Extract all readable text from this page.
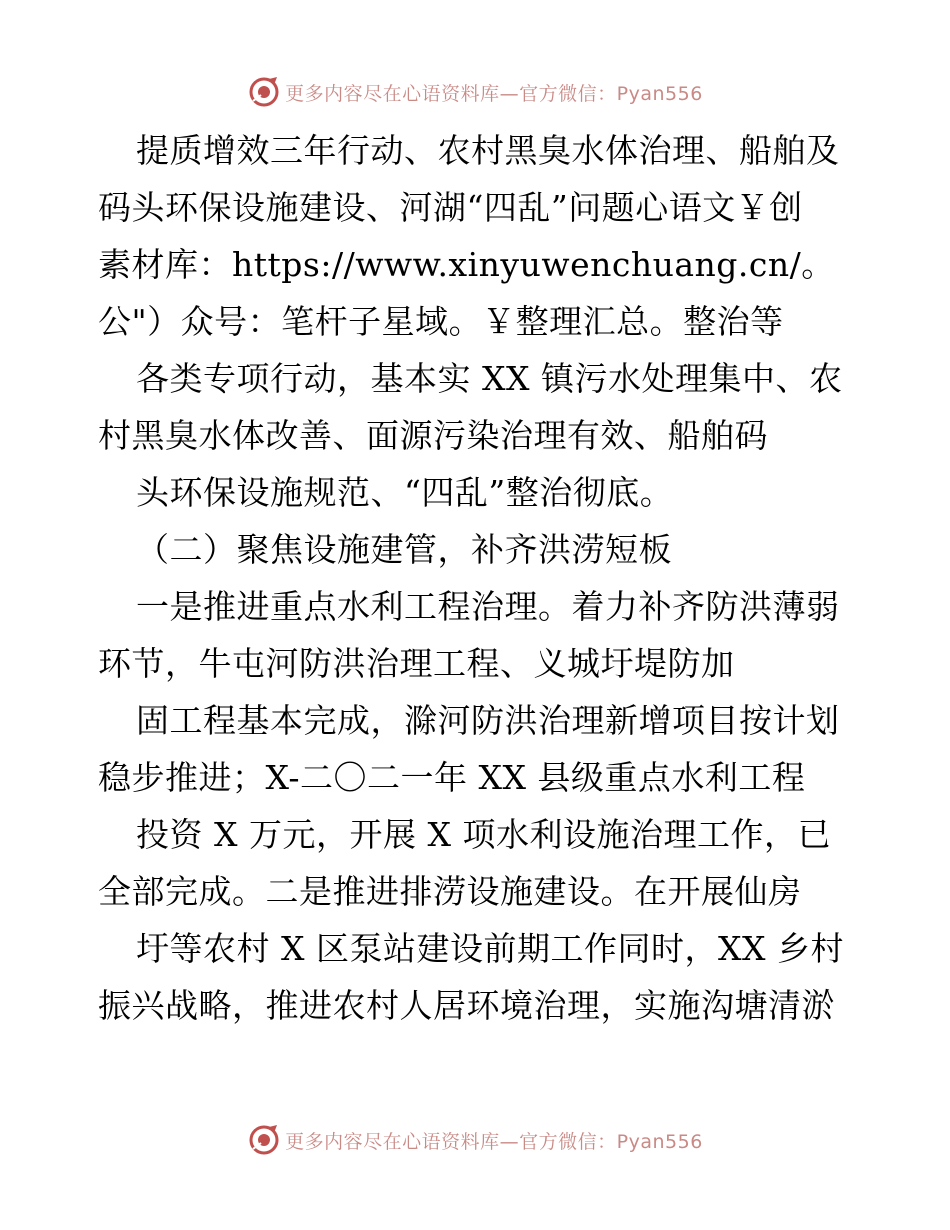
更多内容尽在心语资料库—官方微信：Pyan556
提质增效三年行动、农村黑臭水体治理、船舶及
码头环保设施建设、河湖“四乱”问题心语文￥创
素材库：https://www.xinyuwenchuang.cn/。
公"）众号：笔杆子星域。￥整理汇总。整治等
各类专项行动，基本实 XX 镇污水处理集中、农
村黑臭水体改善、面源污染治理有效、船舶码
头环保设施规范、“四乱”整治彻底。
（二）聚焦设施建管，补齐洪涝短板
一是推进重点水利工程治理。着力补齐防洪薄弱
环节，牛屯河防洪治理工程、义城圩堤防加
固工程基本完成，滁河防洪治理新增项目按计划
稳步推进；X-二〇二一年 XX 县级重点水利工程
投资 X 万元，开展 X 项水利设施治理工作，已
全部完成。二是推进排涝设施建设。在开展仙房
圩等农村 X 区泵站建设前期工作同时，XX 乡村
振兴战略，推进农村人居环境治理，实施沟塘清淤
更多内容尽在心语资料库—官方微信：Pyan556
